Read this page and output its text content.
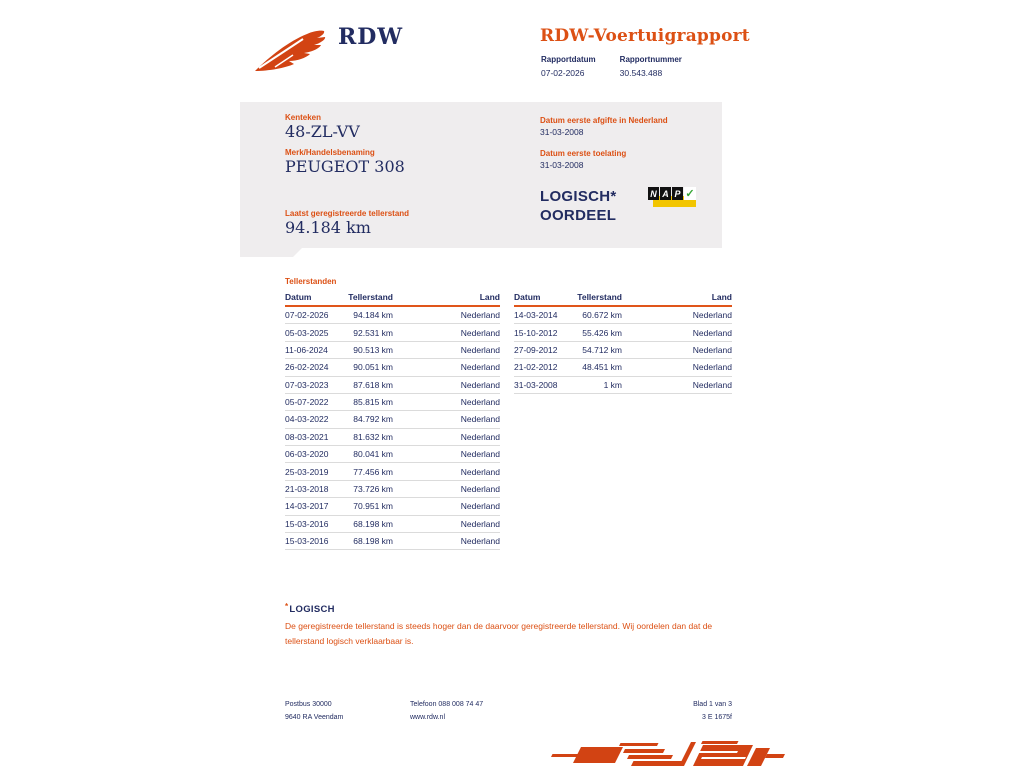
RDW	RDW-Voertuigrapport
Rapportdatum
07-02-2026
Rapportnummer
30.543.488
Kenteken
48-ZL-VV
Merk/Handelsbenaming
PEUGEOT 308
Laatst geregistreerde tellerstand
94.184 km
Datum eerste afgifte in Nederland
31-03-2008
Datum eerste toelating
31-03-2008
LOGISCH*
OORDEEL
N A P ✓
Tellerstanden
Datum	Tellerstand	Land
07-02-2026	94.184 km	Nederland
05-03-2025	92.531 km	Nederland
11-06-2024	90.513 km	Nederland
26-02-2024	90.051 km	Nederland
07-03-2023	87.618 km	Nederland
05-07-2022	85.815 km	Nederland
04-03-2022	84.792 km	Nederland
08-03-2021	81.632 km	Nederland
06-03-2020	80.041 km	Nederland
25-03-2019	77.456 km	Nederland
21-03-2018	73.726 km	Nederland
14-03-2017	70.951 km	Nederland
15-03-2016	68.198 km	Nederland
15-03-2016	68.198 km	Nederland
Datum	Tellerstand	Land
14-03-2014	60.672 km	Nederland
15-10-2012	55.426 km	Nederland
27-09-2012	54.712 km	Nederland
21-02-2012	48.451 km	Nederland
31-03-2008	1 km	Nederland
*LOGISCH
De geregistreerde tellerstand is steeds hoger dan de daarvoor geregistreerde tellerstand. Wij oordelen dan dat de tellerstand logisch verklaarbaar is.
Postbus 30000
9640 RA Veendam
Telefoon 088 008 74 47
www.rdw.nl
Blad 1 van 3
3 E 1675f
